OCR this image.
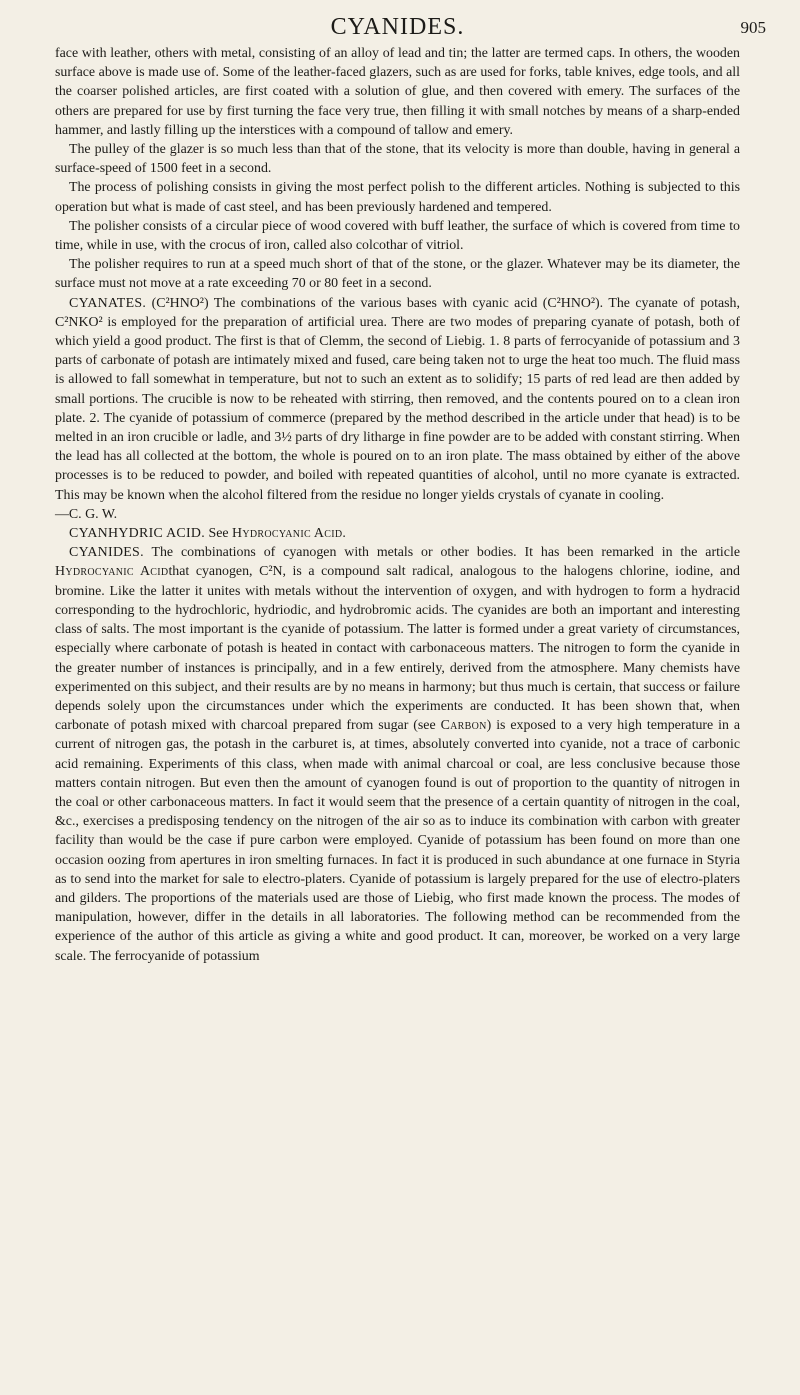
CYANIDES.	905

face with leather, others with metal, consisting of an alloy of lead and tin; the latter are termed caps. In others, the wooden surface above is made use of. Some of the leather-faced glazers, such as are used for forks, table knives, edge tools, and all the coarser polished articles, are first coated with a solution of glue, and then covered with emery. The surfaces of the others are prepared for use by first turning the face very true, then filling it with small notches by means of a sharp-ended hammer, and lastly filling up the interstices with a compound of tallow and emery.

The pulley of the glazer is so much less than that of the stone, that its velocity is more than double, having in general a surface-speed of 1500 feet in a second.

The process of polishing consists in giving the most perfect polish to the different articles. Nothing is subjected to this operation but what is made of cast steel, and has been previously hardened and tempered.

The polisher consists of a circular piece of wood covered with buff leather, the surface of which is covered from time to time, while in use, with the crocus of iron, called also colcothar of vitriol.

The polisher requires to run at a speed much short of that of the stone, or the glazer. Whatever may be its diameter, the surface must not move at a rate exceeding 70 or 80 feet in a second.

CYANATES. (C²HNO²) The combinations of the various bases with cyanic acid (C²HNO²). The cyanate of potash, C²NKO² is employed for the preparation of artificial urea. There are two modes of preparing cyanate of potash, both of which yield a good product. The first is that of Clemm, the second of Liebig. 1. 8 parts of ferrocyanide of potassium and 3 parts of carbonate of potash are intimately mixed and fused, care being taken not to urge the heat too much. The fluid mass is allowed to fall somewhat in temperature, but not to such an extent as to solidify; 15 parts of red lead are then added by small portions. The crucible is now to be reheated with stirring, then removed, and the contents poured on to a clean iron plate. 2. The cyanide of potassium of commerce (prepared by the method described in the article under that head) is to be melted in an iron crucible or ladle, and 3½ parts of dry litharge in fine powder are to be added with constant stirring. When the lead has all collected at the bottom, the whole is poured on to an iron plate. The mass obtained by either of the above processes is to be reduced to powder, and boiled with repeated quantities of alcohol, until no more cyanate is extracted. This may be known when the alcohol filtered from the residue no longer yields crystals of cyanate in cooling.

—C. G. W.

CYANHYDRIC ACID. See Hydrocyanic Acid.

CYANIDES. The combinations of cyanogen with metals or other bodies. It has been remarked in the article Hydrocyanic Acidthat cyanogen, C²N, is a compound salt radical, analogous to the halogens chlorine, iodine, and bromine. Like the latter it unites with metals without the intervention of oxygen, and with hydrogen to form a hydracid corresponding to the hydrochloric, hydriodic, and hydrobromic acids. The cyanides are both an important and interesting class of salts. The most important is the cyanide of potassium. The latter is formed under a great variety of circumstances, especially where carbonate of potash is heated in contact with carbonaceous matters. The nitrogen to form the cyanide in the greater number of instances is principally, and in a few entirely, derived from the atmosphere. Many chemists have experimented on this subject, and their results are by no means in harmony; but thus much is certain, that success or failure depends solely upon the circumstances under which the experiments are conducted. It has been shown that, when carbonate of potash mixed with charcoal prepared from sugar (see Carbon) is exposed to a very high temperature in a current of nitrogen gas, the potash in the carburet is, at times, absolutely converted into cyanide, not a trace of carbonic acid remaining. Experiments of this class, when made with animal charcoal or coal, are less conclusive because those matters contain nitrogen. But even then the amount of cyanogen found is out of proportion to the quantity of nitrogen in the coal or other carbonaceous matters. In fact it would seem that the presence of a certain quantity of nitrogen in the coal, &c., exercises a predisposing tendency on the nitrogen of the air so as to induce its combination with carbon with greater facility than would be the case if pure carbon were employed. Cyanide of potassium has been found on more than one occasion oozing from apertures in iron smelting furnaces. In fact it is produced in such abundance at one furnace in Styria as to send into the market for sale to electro-platers. Cyanide of potassium is largely prepared for the use of electro-platers and gilders. The proportions of the materials used are those of Liebig, who first made known the process. The modes of manipulation, however, differ in the details in all laboratories. The following method can be recommended from the experience of the author of this article as giving a white and good product. It can, moreover, be worked on a very large scale. The ferrocyanide of potassium
